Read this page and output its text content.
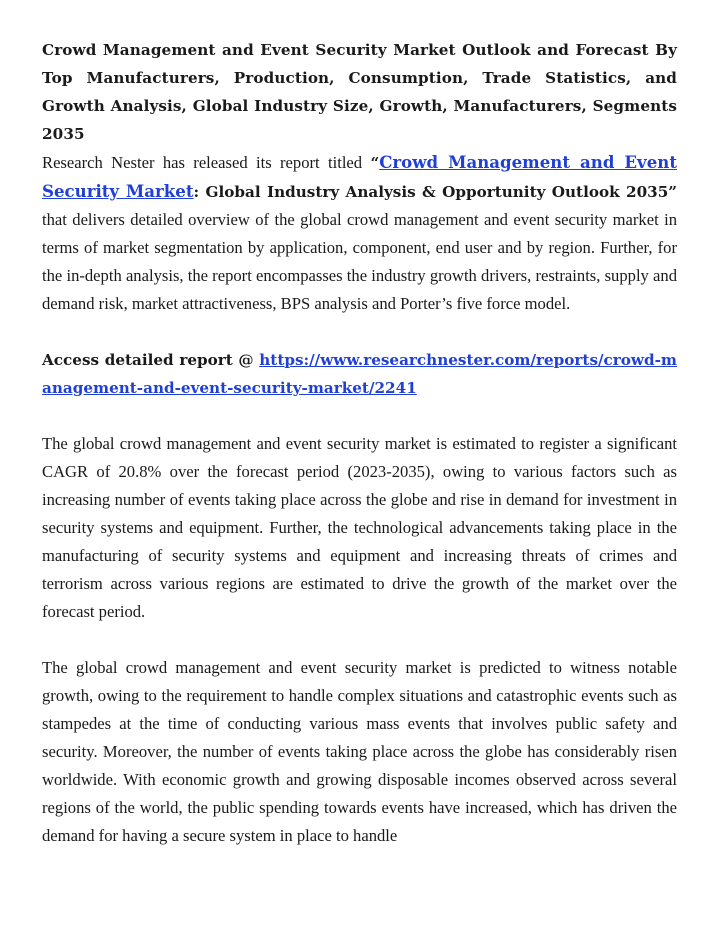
Crowd Management and Event Security Market Outlook and Forecast By Top Manufacturers, Production, Consumption, Trade Statistics, and Growth Analysis, Global Industry Size, Growth, Manufacturers, Segments 2035

Research Nester has released its report titled “Crowd Management and Event Security Market: Global Industry Analysis & Opportunity Outlook 2035” that delivers detailed overview of the global crowd management and event security market in terms of market segmentation by application, component, end user and by region. Further, for the in-depth analysis, the report encompasses the industry growth drivers, restraints, supply and demand risk, market attractiveness, BPS analysis and Porter’s five force model.

Access detailed report @ https://www.researchnester.com/reports/crowd-management-and-event-security-market/2241

The global crowd management and event security market is estimated to register a significant CAGR of 20.8% over the forecast period (2023-2035), owing to various factors such as increasing number of events taking place across the globe and rise in demand for investment in security systems and equipment. Further, the technological advancements taking place in the manufacturing of security systems and equipment and increasing threats of crimes and terrorism across various regions are estimated to drive the growth of the market over the forecast period.

The global crowd management and event security market is predicted to witness notable growth, owing to the requirement to handle complex situations and catastrophic events such as stampedes at the time of conducting various mass events that involves public safety and security. Moreover, the number of events taking place across the globe has considerably risen worldwide. With economic growth and growing disposable incomes observed across several regions of the world, the public spending towards events have increased, which has driven the demand for having a secure system in place to handle
